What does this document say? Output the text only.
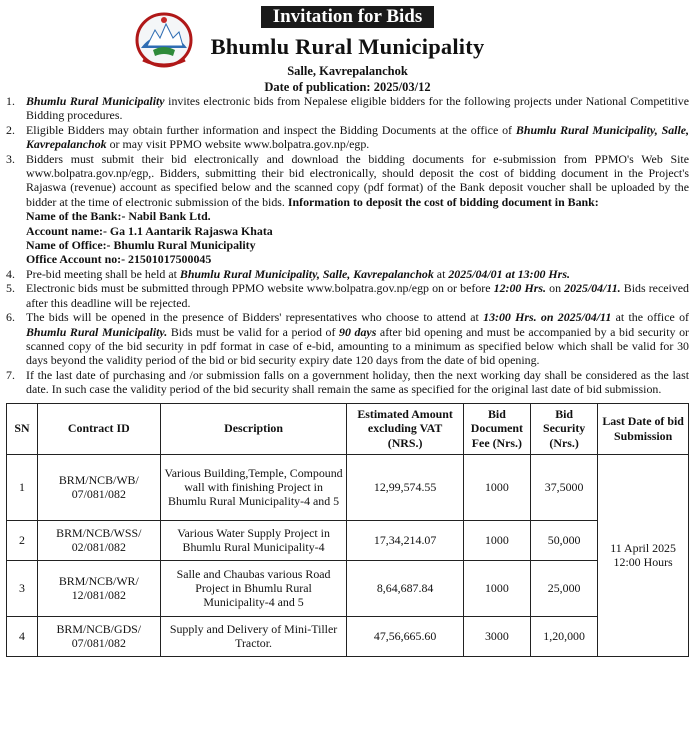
Invitation for Bids
Bhumlu Rural Municipality
Salle, Kavrepalanchok
Date of publication: 2025/03/12
1. Bhumlu Rural Municipality invites electronic bids from Nepalese eligible bidders for the following projects under National Competitive Bidding procedures.
2. Eligible Bidders may obtain further information and inspect the Bidding Documents at the office of Bhumlu Rural Municipality, Salle, Kavrepalanchok or may visit PPMO website www.bolpatra.gov.np/egp.
3. Bidders must submit their bid electronically and download the bidding documents for e-submission from PPMO's Web Site www.bolpatra.gov.np/egp,. Bidders, submitting their bid electronically, should deposit the cost of bidding document in the Project's Rajaswa (revenue) account as specified below and the scanned copy (pdf format) of the Bank deposit voucher shall be uploaded by the bidder at the time of electronic submission of the bids. Information to deposit the cost of bidding document in Bank:
Name of the Bank:- Nabil Bank Ltd.
Account name:- Ga 1.1 Aantarik Rajaswa Khata
Name of Office:- Bhumlu Rural Municipality
Office Account no:- 21501017500045
4. Pre-bid meeting shall be held at Bhumlu Rural Municipality, Salle, Kavrepalanchok at 2025/04/01 at 13:00 Hrs.
5. Electronic bids must be submitted through PPMO website www.bolpatra.gov.np/egp on or before 12:00 Hrs. on 2025/04/11. Bids received after this deadline will be rejected.
6. The bids will be opened in the presence of Bidders' representatives who choose to attend at 13:00 Hrs. on 2025/04/11 at the office of Bhumlu Rural Municipality. Bids must be valid for a period of 90 days after bid opening and must be accompanied by a bid security or scanned copy of the bid security in pdf format in case of e-bid, amounting to a minimum as specified below which shall be valid for 30 days beyond the validity period of the bid or bid security expiry date 120 days from the date of bid opening.
7. If the last date of purchasing and /or submission falls on a government holiday, then the next working day shall be considered as the last date. In such case the validity period of the bid security shall remain the same as specified for the original last date of bid submission.
SN	Contract ID	Description	Estimated Amount excluding VAT (NRS.)	Bid Document Fee (Nrs.)	Bid Security (Nrs.)	Last Date of bid Submission
1	BRM/NCB/WB/ 07/081/082	Various Building,Temple, Compound wall with finishing Project in Bhumlu Rural Municipality-4 and 5	12,99,574.55	1000	37,5000	11 April 2025 12:00 Hours
2	BRM/NCB/WSS/ 02/081/082	Various Water Supply Project in Bhumlu Rural Municipality-4	17,34,214.07	1000	50,000	
3	BRM/NCB/WR/ 12/081/082	Salle and Chaubas various Road Project in Bhumlu Rural Municipality-4 and 5	8,64,687.84	1000	25,000	
4	BRM/NCB/GDS/ 07/081/082	Supply and Delivery of Mini-Tiller Tractor.	47,56,665.60	3000	1,20,000	
